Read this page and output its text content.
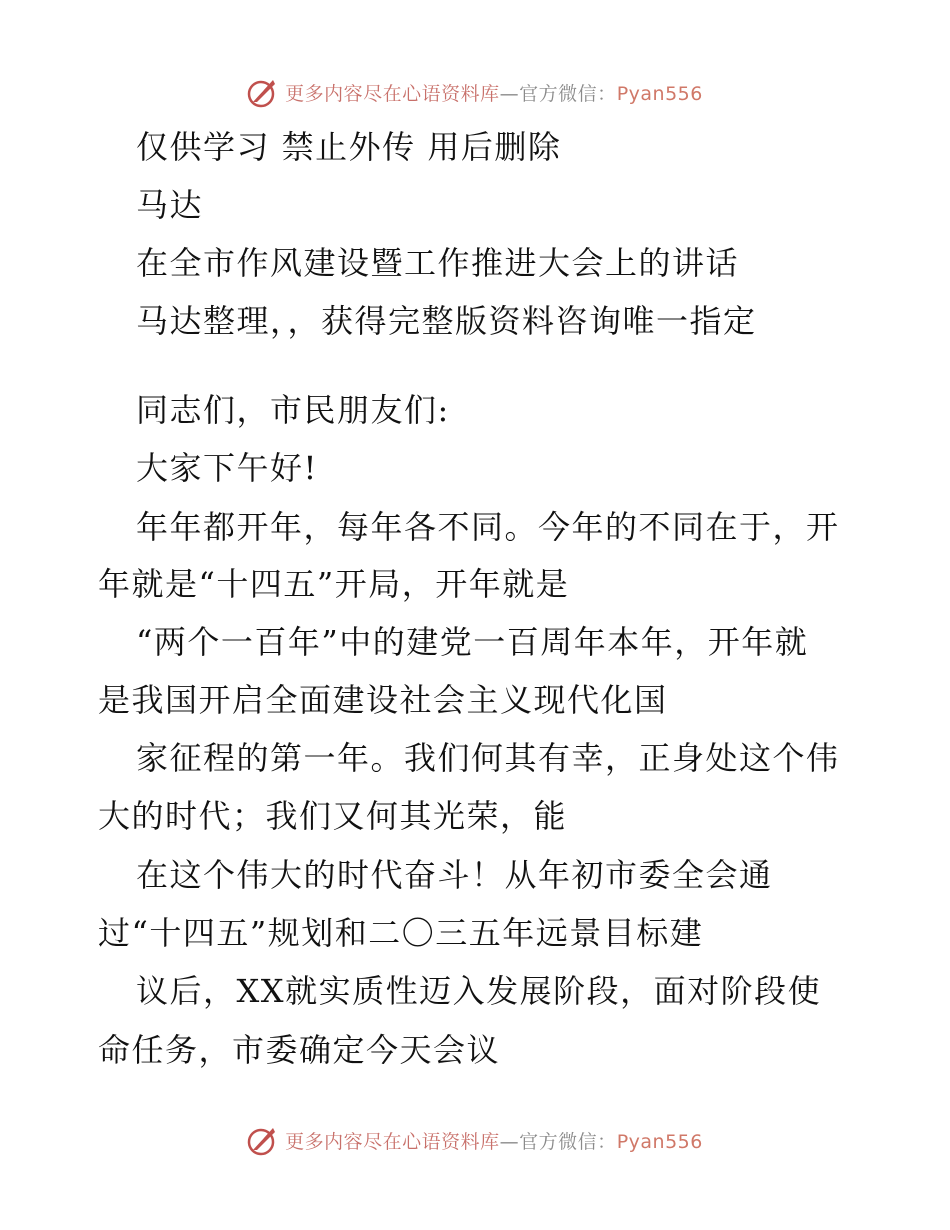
更多内容尽在心语资料库—官方微信：Pyan556
仅供学习 禁止外传 用后删除
马达
在全市作风建设暨工作推进大会上的讲话
马达整理，，获得完整版资料咨询唯一指定
同志们，市民朋友们:
大家下午好!
年年都开年，每年各不同。今年的不同在于，开
年就是“十四五”开局，开年就是
“两个一百年”中的建党一百周年本年，开年就
是我国开启全面建设社会主义现代化国
家征程的第一年。我们何其有幸，正身处这个伟
大的时代；我们又何其光荣，能
在这个伟大的时代奋斗！从年初市委全会通
过“十四五”规划和二〇三五年远景目标建
议后，XX就实质性迈入发展阶段，面对阶段使
命任务，市委确定今天会议
更多内容尽在心语资料库—官方微信：Pyan556
